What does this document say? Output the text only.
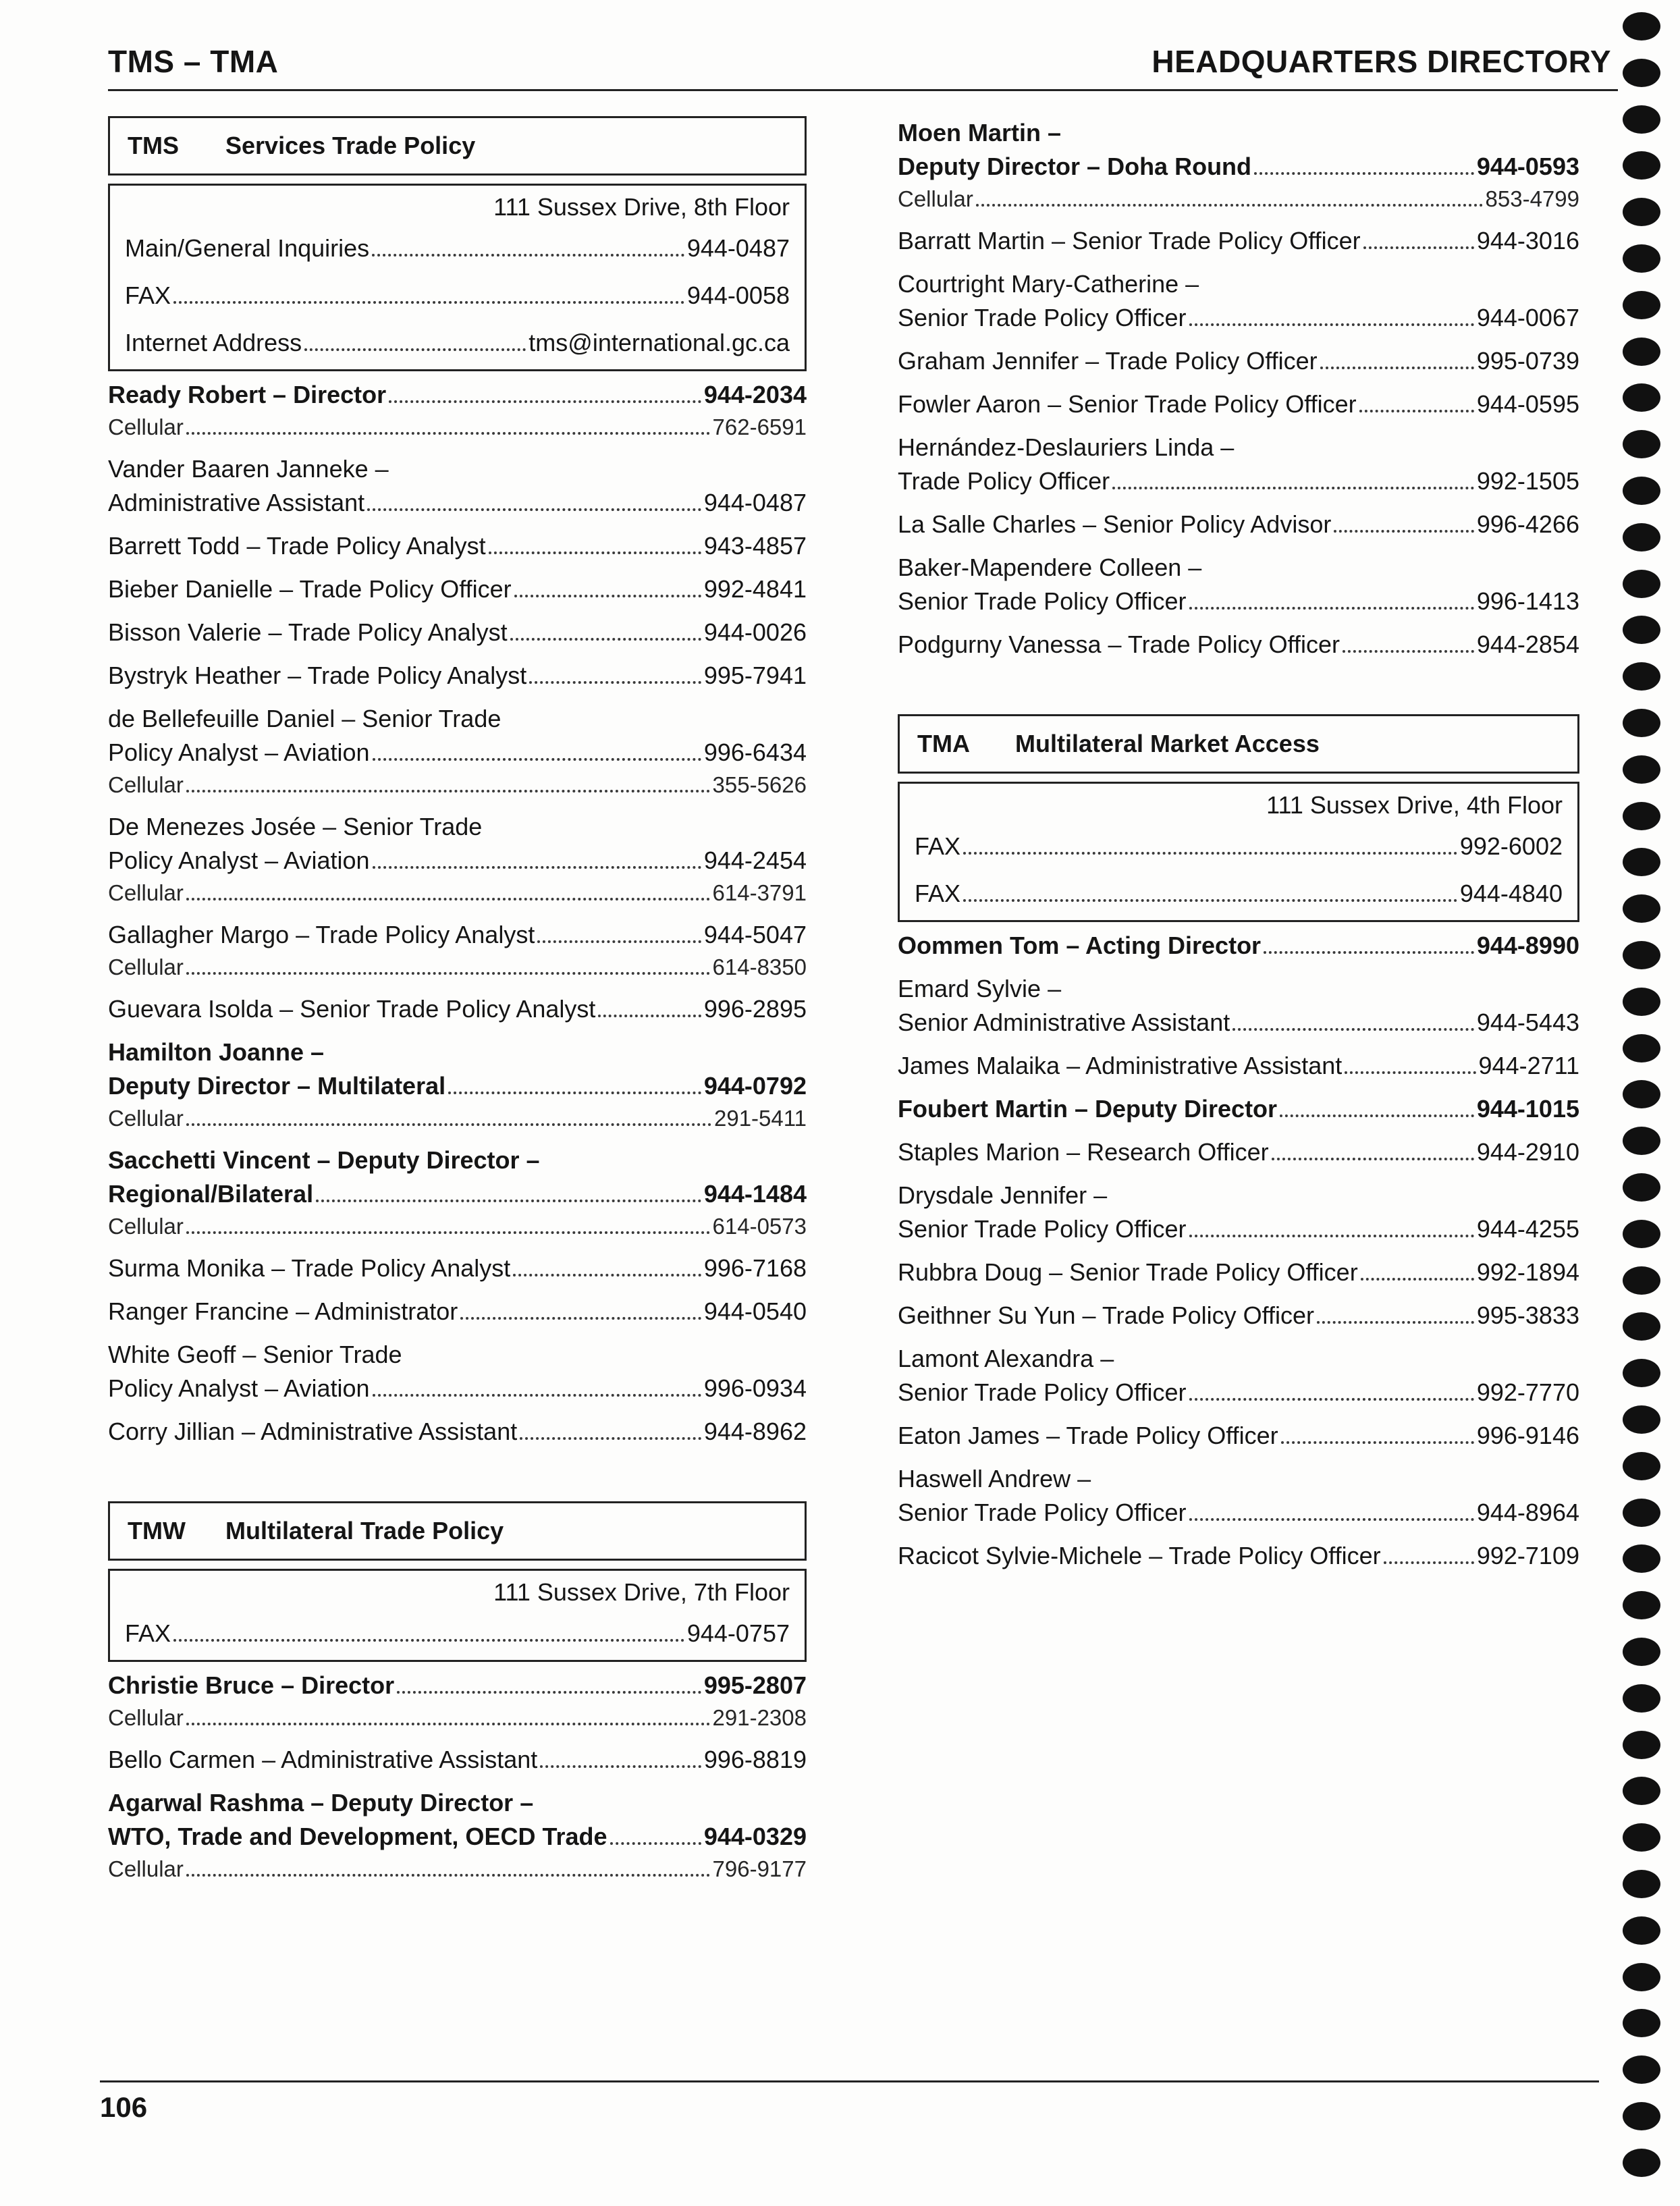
TMS – TMA	HEADQUARTERS DIRECTORY
TMS	Services Trade Policy
111 Sussex Drive, 8th Floor
Main/General Inquiries	944-0487
FAX	944-0058
Internet Address	tms@international.gc.ca
Ready Robert – Director	944-2034
Cellular	762-6591
Vander Baaren Janneke –
Administrative Assistant	944-0487
Barrett Todd – Trade Policy Analyst	943-4857
Bieber Danielle – Trade Policy Officer	992-4841
Bisson Valerie – Trade Policy Analyst	944-0026
Bystryk Heather – Trade Policy Analyst	995-7941
de Bellefeuille Daniel – Senior Trade
Policy Analyst – Aviation	996-6434
Cellular	355-5626
De Menezes Josée – Senior Trade
Policy Analyst – Aviation	944-2454
Cellular	614-3791
Gallagher Margo – Trade Policy Analyst	944-5047
Cellular	614-8350
Guevara Isolda – Senior Trade Policy Analyst	996-2895
Hamilton Joanne –
Deputy Director – Multilateral	944-0792
Cellular	291-5411
Sacchetti Vincent – Deputy Director –
Regional/Bilateral	944-1484
Cellular	614-0573
Surma Monika – Trade Policy Analyst	996-7168
Ranger Francine – Administrator	944-0540
White Geoff – Senior Trade
Policy Analyst – Aviation	996-0934
Corry Jillian – Administrative Assistant	944-8962
TMW	Multilateral Trade Policy
111 Sussex Drive, 7th Floor
FAX	944-0757
Christie Bruce – Director	995-2807
Cellular	291-2308
Bello Carmen – Administrative Assistant	996-8819
Agarwal Rashma – Deputy Director –
WTO, Trade and Development, OECD Trade	944-0329
Cellular	796-9177
Moen Martin –
Deputy Director – Doha Round	944-0593
Cellular	853-4799
Barratt Martin – Senior Trade Policy Officer	944-3016
Courtright Mary-Catherine –
Senior Trade Policy Officer	944-0067
Graham Jennifer – Trade Policy Officer	995-0739
Fowler Aaron – Senior Trade Policy Officer	944-0595
Hernández-Deslauriers Linda –
Trade Policy Officer	992-1505
La Salle Charles – Senior Policy Advisor	996-4266
Baker-Mapendere Colleen –
Senior Trade Policy Officer	996-1413
Podgurny Vanessa – Trade Policy Officer	944-2854
TMA	Multilateral Market Access
111 Sussex Drive, 4th Floor
FAX	992-6002
FAX	944-4840
Oommen Tom – Acting Director	944-8990
Emard Sylvie –
Senior Administrative Assistant	944-5443
James Malaika – Administrative Assistant	944-2711
Foubert Martin – Deputy Director	944-1015
Staples Marion – Research Officer	944-2910
Drysdale Jennifer –
Senior Trade Policy Officer	944-4255
Rubbra Doug – Senior Trade Policy Officer	992-1894
Geithner Su Yun – Trade Policy Officer	995-3833
Lamont Alexandra –
Senior Trade Policy Officer	992-7770
Eaton James – Trade Policy Officer	996-9146
Haswell Andrew –
Senior Trade Policy Officer	944-8964
Racicot Sylvie-Michele – Trade Policy Officer	992-7109
106
